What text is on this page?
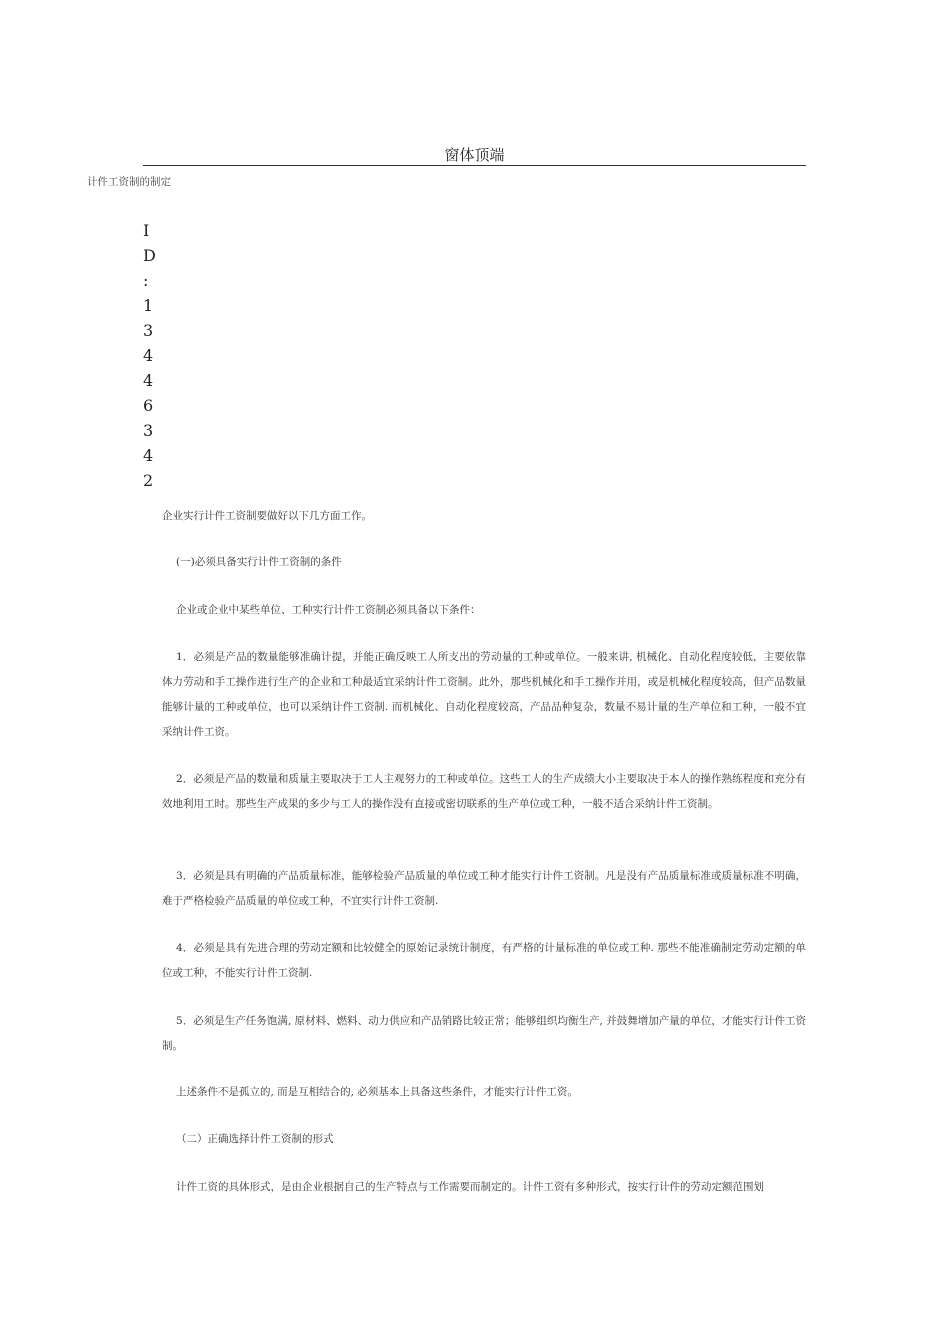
窗体顶端
计件工资制的制定
I
D
:
1
3
4
4
6
3
4
2

企业实行计件工资制要做好以下几方面工作。

(一)必须具备实行计件工资制的条件

企业或企业中某些单位、工种实行计件工资制必须具备以下条件：

1．必须是产品的数量能够准确计提，并能正确反映工人所支出的劳动量的工种或单位。一般来讲, 机械化、自动化程度较低，主要依靠体力劳动和手工操作进行生产的企业和工种最适宜采纳计件工资制。此外，那些机械化和手工操作并用，或是机械化程度较高，但产品数量能够计量的工种或单位，也可以采纳计件工资制. 而机械化、自动化程度较高，产品品种复杂，数量不易计量的生产单位和工种，一般不宜采纳计件工资。

2．必须是产品的数量和质量主要取决于工人主观努力的工种或单位。这些工人的生产成绩大小主要取决于本人的操作熟练程度和充分有效地利用工时。那些生产成果的多少与工人的操作没有直接或密切联系的生产单位或工种，一般不适合采纳计件工资制。

3．必须是具有明确的产品质量标准，能够检验产品质量的单位或工种才能实行计件工资制。凡是没有产品质量标准或质量标准不明确，难于严格检验产品质量的单位或工种，不宜实行计件工资制.

4．必须是具有先进合理的劳动定额和比较健全的原始记录统计制度，有严格的计量标准的单位或工种. 那些不能准确制定劳动定额的单位或工种，不能实行计件工资制.

5．必须是生产任务饱满, 原材料、燃料、动力供应和产品销路比较正常；能够组织均衡生产, 并鼓舞增加产量的单位，才能实行计件工资制。

上述条件不是孤立的, 而是互相结合的, 必须基本上具备这些条件，才能实行计件工资。

（二）正确选择计件工资制的形式

计件工资的具体形式，是由企业根据自己的生产特点与工作需要而制定的。计件工资有多种形式，按实行计件的劳动定额范围划
